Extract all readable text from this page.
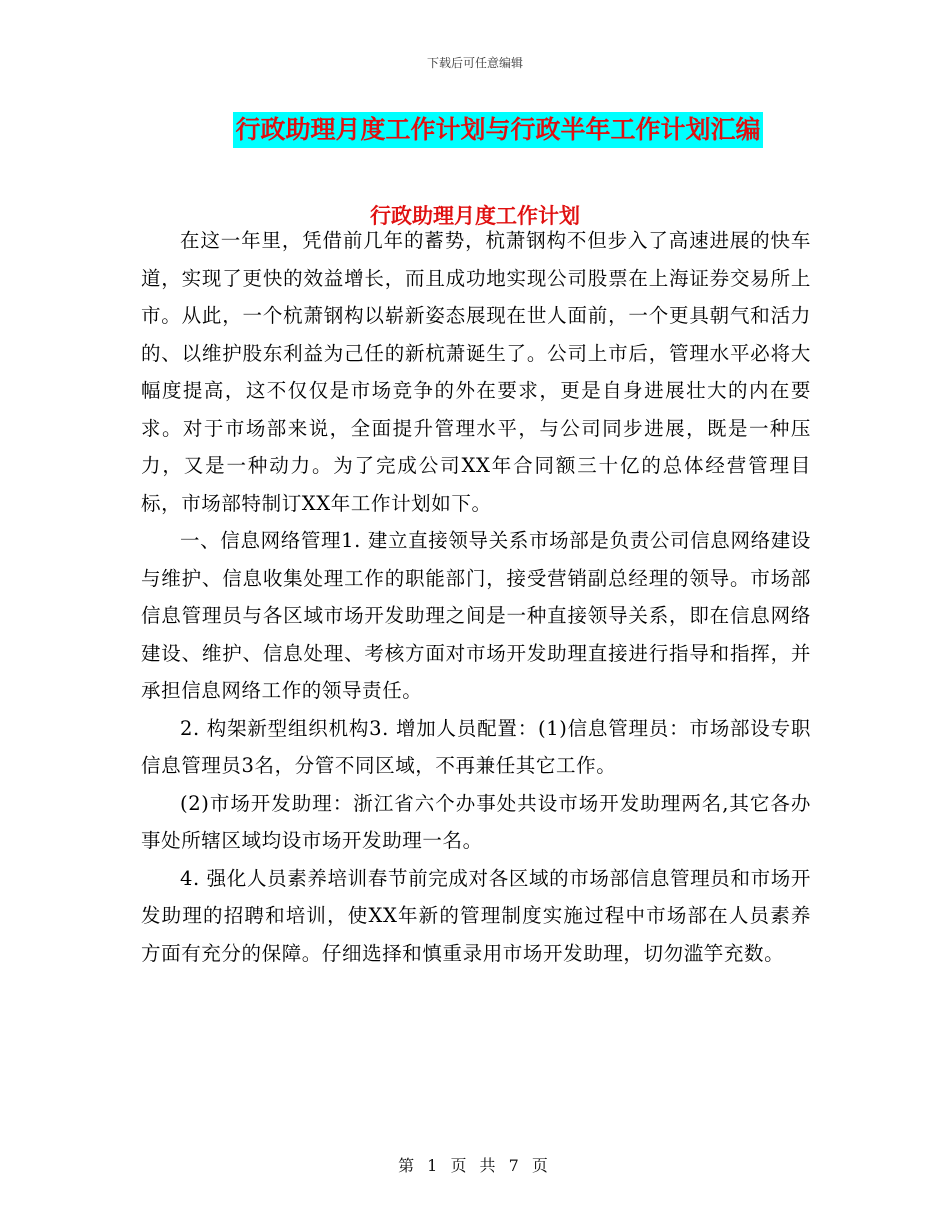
下载后可任意编辑
行政助理月度工作计划与行政半年工作计划汇编
行政助理月度工作计划

在这一年里，凭借前几年的蓄势，杭萧钢构不但步入了高速进展的快车道，实现了更快的效益增长，而且成功地实现公司股票在上海证券交易所上市。从此，一个杭萧钢构以崭新姿态展现在世人面前，一个更具朝气和活力的、以维护股东利益为己任的新杭萧诞生了。公司上市后，管理水平必将大幅度提高，这不仅仅是市场竞争的外在要求，更是自身进展壮大的内在要求。对于市场部来说，全面提升管理水平，与公司同步进展，既是一种压力，又是一种动力。为了完成公司XX年合同额三十亿的总体经营管理目标，市场部特制订XX年工作计划如下。

一、信息网络管理1. 建立直接领导关系市场部是负责公司信息网络建设与维护、信息收集处理工作的职能部门，接受营销副总经理的领导。市场部信息管理员与各区域市场开发助理之间是一种直接领导关系，即在信息网络建设、维护、信息处理、考核方面对市场开发助理直接进行指导和指挥，并承担信息网络工作的领导责任。

2. 构架新型组织机构3. 增加人员配置：(1)信息管理员：市场部设专职信息管理员3名，分管不同区域，不再兼任其它工作。

(2)市场开发助理：浙江省六个办事处共设市场开发助理两名,其它各办事处所辖区域均设市场开发助理一名。

4. 强化人员素养培训春节前完成对各区域的市场部信息管理员和市场开发助理的招聘和培训，使XX年新的管理制度实施过程中市场部在人员素养方面有充分的保障。仔细选择和慎重录用市场开发助理，切勿滥竽充数。

第 1 页 共 7 页
